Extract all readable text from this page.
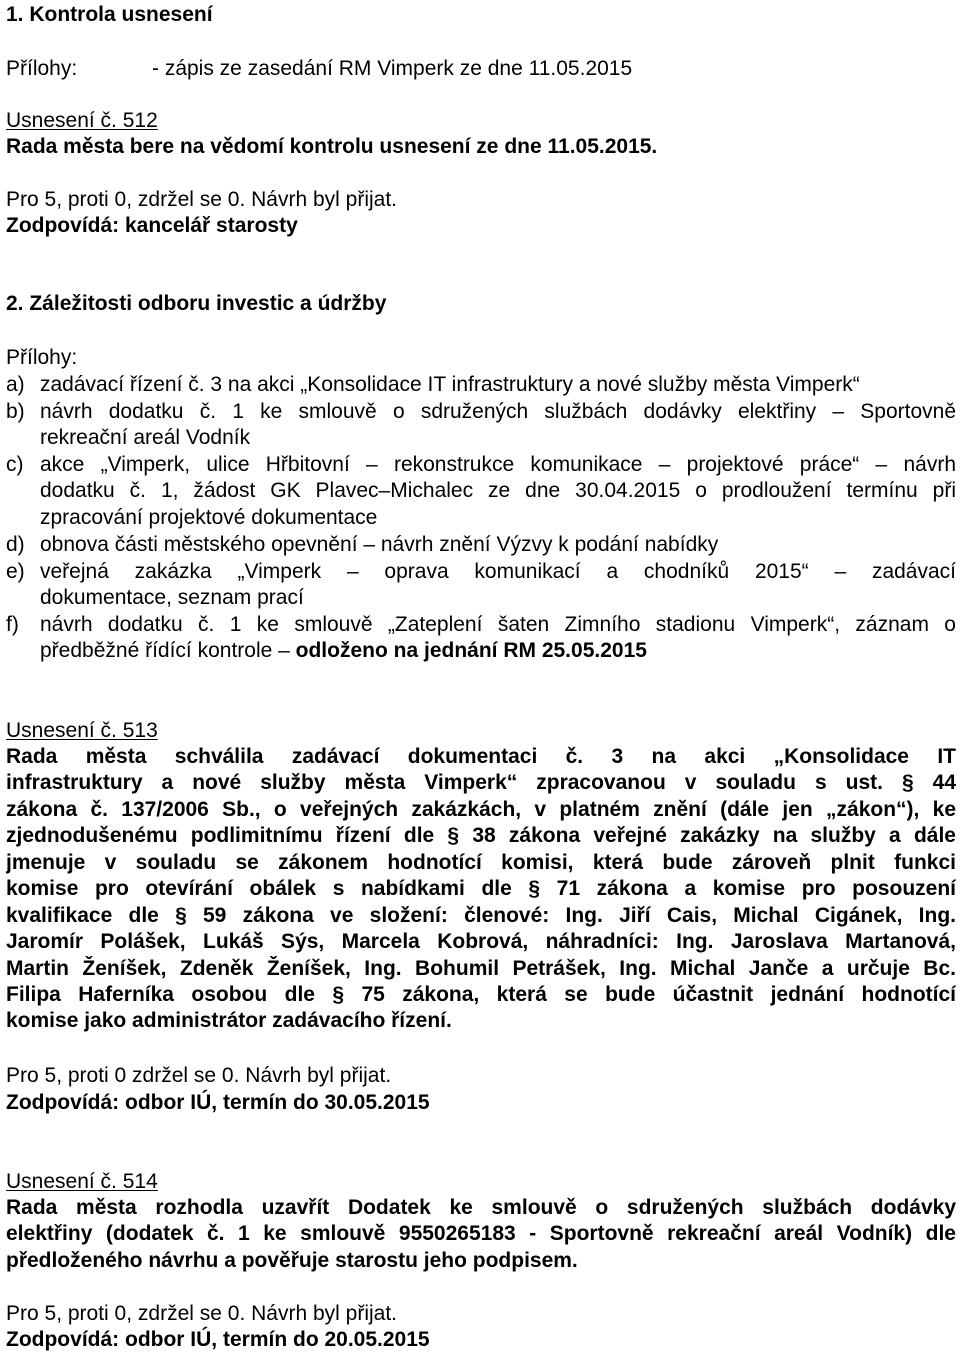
1. Kontrola usnesení
Přílohy:	- zápis ze zasedání RM Vimperk ze dne 11.05.2015
Usnesení č. 512
Rada města bere na vědomí kontrolu usnesení ze dne 11.05.2015.
Pro 5, proti 0, zdržel se 0. Návrh byl přijat.
Zodpovídá: kancelář starosty
2. Záležitosti odboru investic a údržby
Přílohy:
a) zadávací řízení č. 3 na akci „Konsolidace IT infrastruktury a nové služby města Vimperk“
b) návrh dodatku č. 1 ke smlouvě o sdružených službách dodávky elektřiny – Sportovně
rekreační areál Vodník
c) akce „Vimperk, ulice Hřbitovní – rekonstrukce komunikace – projektové práce“ – návrh
dodatku č. 1, žádost GK Plavec–Michalec ze dne 30.04.2015 o prodloužení termínu při
zpracování projektové dokumentace
d) obnova části městského opevnění – návrh znění Výzvy k podání nabídky
e) veřejná zakázka „Vimperk – oprava komunikací a chodníků 2015“ – zadávací
dokumentace, seznam prací
f) návrh dodatku č. 1 ke smlouvě „Zateplení šaten Zimního stadionu Vimperk“, záznam o
předběžné řídící kontrole – odloženo na jednání RM 25.05.2015
Usnesení č. 513
Rada města schválila zadávací dokumentaci č. 3 na akci „Konsolidace IT
infrastruktury a nové služby města Vimperk“ zpracovanou v souladu s ust. § 44
zákona č. 137/2006 Sb., o veřejných zakázkách, v platném znění (dále jen „zákon“), ke
zjednodušenému podlimitnímu řízení dle § 38 zákona veřejné zakázky na služby a dále
jmenuje v souladu se zákonem hodnotící komisi, která bude zároveň plnit funkci
komise pro otevírání obálek s nabídkami dle § 71 zákona a komise pro posouzení
kvalifikace dle § 59 zákona ve složení: členové: Ing. Jiří Cais, Michal Cigánek, Ing.
Jaromír Polášek, Lukáš Sýs, Marcela Kobrová, náhradníci: Ing. Jaroslava Martanová,
Martin Ženíšek, Zdeněk Ženíšek, Ing. Bohumil Petrášek, Ing. Michal Janče a určuje Bc.
Filipa Haferníka osobou dle § 75 zákona, která se bude účastnit jednání hodnotící
komise jako administrátor zadávacího řízení.
Pro 5, proti 0 zdržel se 0. Návrh byl přijat.
Zodpovídá: odbor IÚ, termín do 30.05.2015
Usnesení č. 514
Rada města rozhodla uzavřít Dodatek ke smlouvě o sdružených službách dodávky
elektřiny (dodatek č. 1 ke smlouvě 9550265183 - Sportovně rekreační areál Vodník) dle
předloženého návrhu a pověřuje starostu jeho podpisem.
Pro 5, proti 0, zdržel se 0. Návrh byl přijat.
Zodpovídá: odbor IÚ, termín do 20.05.2015
